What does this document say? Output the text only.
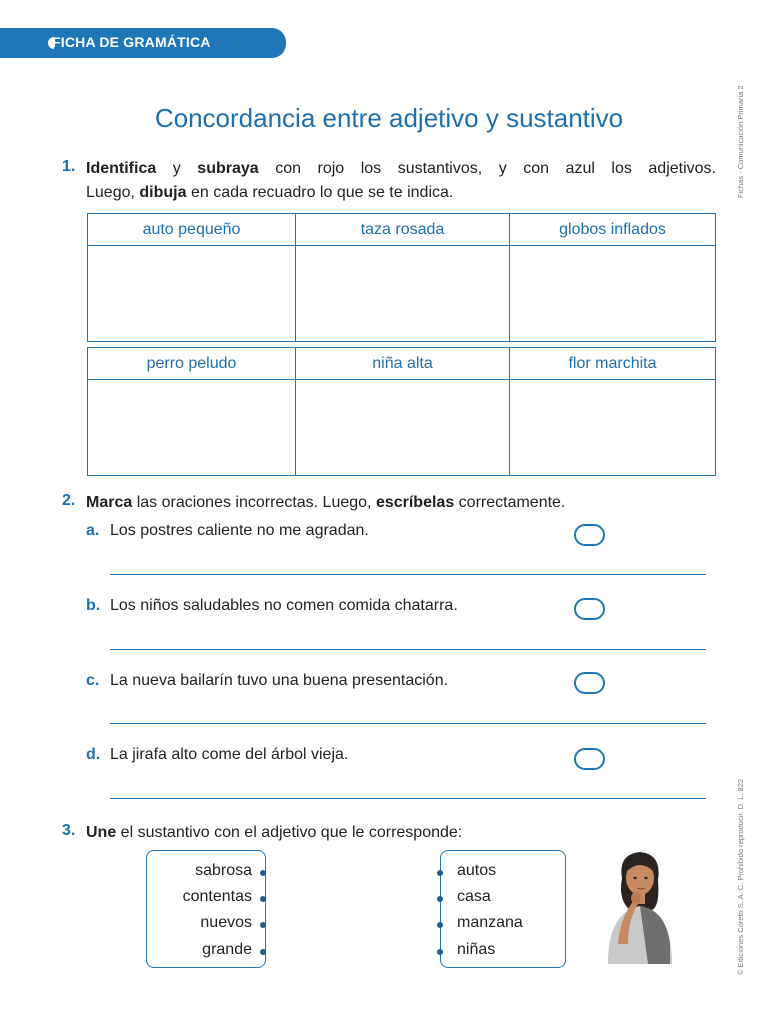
FICHA DE GRAMÁTICA
Fichas - Comunicación Primaria 2
© Ediciones Corefo S. A. C. Prohibido reproducir. D. L. 822
Concordancia entre adjetivo y sustantivo
1. Identifica y subraya con rojo los sustantivos, y con azul los adjetivos.
Luego, dibuja en cada recuadro lo que se te indica.
auto pequeño	taza rosada	globos inflados

perro peludo	niña alta	flor marchita

2. Marca las oraciones incorrectas. Luego, escríbelas correctamente.
a. Los postres caliente no me agradan.
b. Los niños saludables no comen comida chatarra.
c. La nueva bailarín tuvo una buena presentación.
d. La jirafa alto come del árbol vieja.
3. Une el sustantivo con el adjetivo que le corresponde:
sabrosa
contentas
nuevos
grande
autos
casa
manzana
niñas
